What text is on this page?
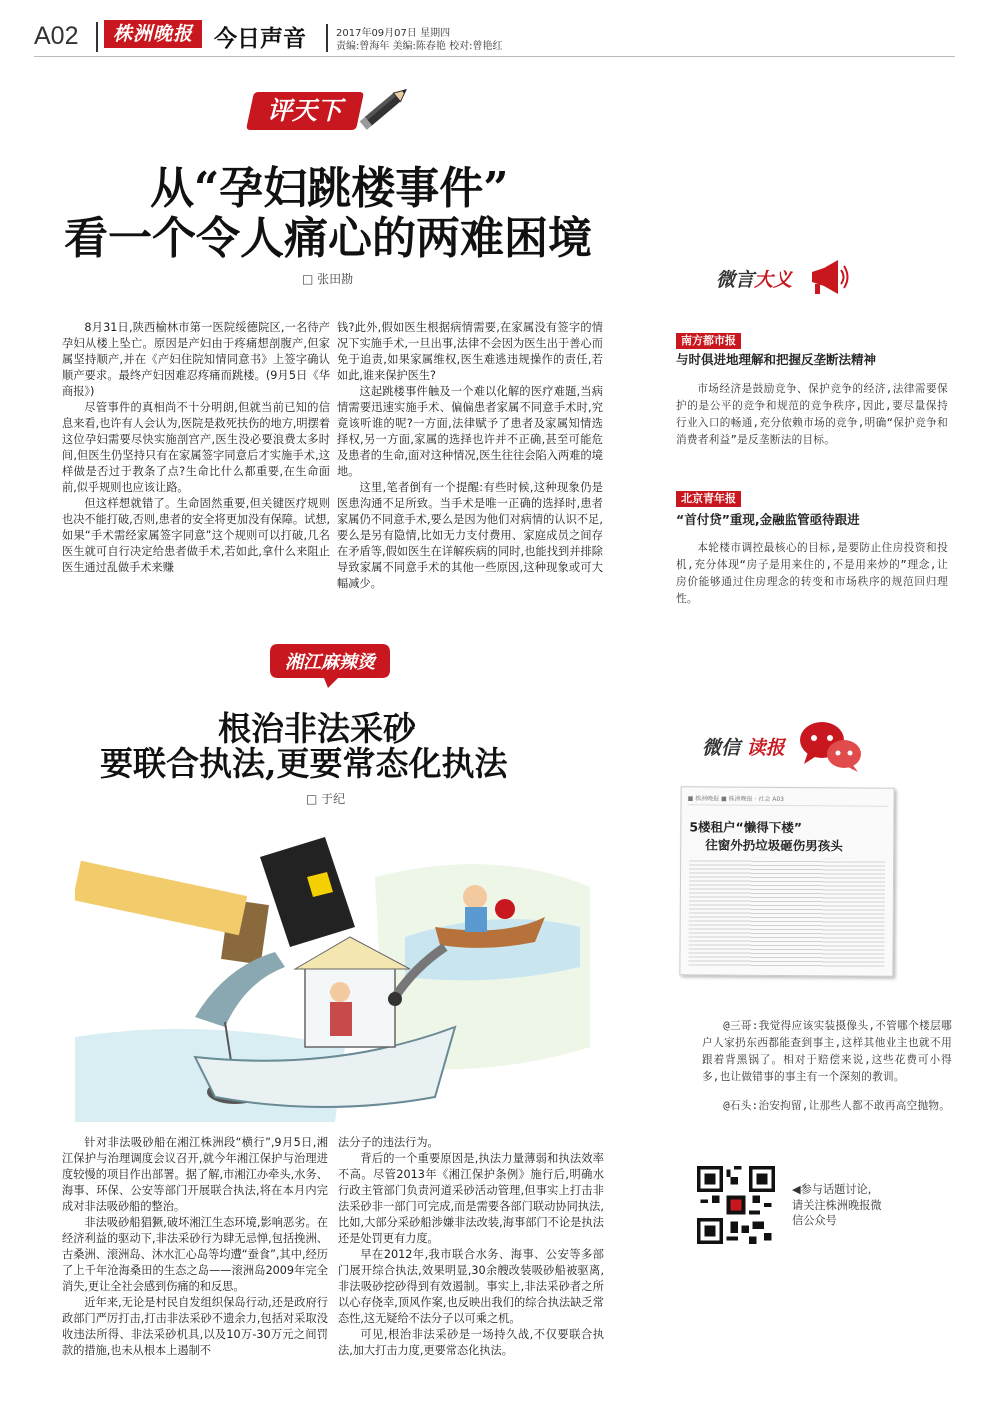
A02	株洲晚报 今日声音	2017年09月07日 星期四
责编:曾海年 美编:陈春艳 校对:曾艳红
评天下
从“孕妇跳楼事件”
看一个令人痛心的两难困境
□ 张田勘

8月31日,陕西榆林市第一医院绥德院区,一名待产孕妇从楼上坠亡。原因是产妇由于疼痛想剖腹产,但家属坚持顺产,并在《产妇住院知情同意书》上签字确认顺产要求。最终产妇因难忍疼痛而跳楼。(9月5日《华商报》)

尽管事件的真相尚不十分明朗,但就当前已知的信息来看,也许有人会认为,医院是救死扶伤的地方,明摆着这位孕妇需要尽快实施剖宫产,医生没必要浪费太多时间,但医生仍坚持只有在家属签字同意后才实施手术,这样做是否过于教条了点?生命比什么都重要,在生命面前,似乎规则也应该让路。

但这样想就错了。生命固然重要,但关键医疗规则也决不能打破,否则,患者的安全将更加没有保障。试想,如果“手术需经家属签字同意”这个规则可以打破,几名医生就可自行决定给患者做手术,若如此,拿什么来阻止医生通过乱做手术来赚

钱?此外,假如医生根据病情需要,在家属没有签字的情况下实施手术,一旦出事,法律不会因为医生出于善心而免于追责,如果家属维权,医生难逃违规操作的责任,若如此,谁来保护医生?

这起跳楼事件触及一个难以化解的医疗难题,当病情需要迅速实施手术、偏偏患者家属不同意手术时,究竟该听谁的呢?一方面,法律赋予了患者及家属知情选择权,另一方面,家属的选择也许并不正确,甚至可能危及患者的生命,面对这种情况,医生往往会陷入两难的境地。

这里,笔者倒有一个提醒:有些时候,这种现象仍是医患沟通不足所致。当手术是唯一正确的选择时,患者家属仍不同意手术,要么是因为他们对病情的认识不足,要么是另有隐情,比如无力支付费用、家庭成员之间存在矛盾等,假如医生在详解疾病的同时,也能找到并排除导致家属不同意手术的其他一些原因,这种现象或可大幅减少。

微言大义
南方都市报
与时俱进地理解和把握反垄断法精神

市场经济是鼓励竞争、保护竞争的经济,法律需要保护的是公平的竞争和规范的竞争秩序,因此,要尽量保持行业入口的畅通,充分依赖市场的竞争,明确“保护竞争和消费者利益”是反垄断法的目标。

北京青年报
“首付贷”重现,金融监管亟待跟进

本轮楼市调控最核心的目标,是要防止住房投资和投机,充分体现“房子是用来住的,不是用来炒的”理念,让房价能够通过住房理念的转变和市场秩序的规范回归理性。

湘江麻辣烫
根治非法采砂
要联合执法,更要常态化执法
□ 于纪

针对非法吸砂船在湘江株洲段“横行”,9月5日,湘江保护与治理调度会议召开,就今年湘江保护与治理进度较慢的项目作出部署。据了解,市湘江办牵头,水务、海事、环保、公安等部门开展联合执法,将在本月内完成对非法吸砂船的整治。

非法吸砂船猖獗,破坏湘江生态环境,影响恶劣。在经济利益的驱动下,非法采砂行为肆无忌惮,包括挽洲、古桑洲、滚洲岛、沐水汇心岛等均遭“蚕食”,其中,经历了上千年沧海桑田的生态之岛——滚洲岛2009年完全消失,更让全社会感到伤痛的和反思。

近年来,无论是村民自发组织保岛行动,还是政府行政部门严厉打击,打击非法采砂不遗余力,包括对采取没收违法所得、非法采砂机具,以及10万-30万元之间罚款的措施,也未从根本上遏制不

法分子的违法行为。

背后的一个重要原因是,执法力量薄弱和执法效率不高。尽管2013年《湘江保护条例》施行后,明确水行政主管部门负责河道采砂活动管理,但事实上打击非法采砂非一部门可完成,而是需要各部门联动协同执法,比如,大部分采砂船涉嫌非法改装,海事部门不论是执法还是处罚更有力度。

早在2012年,我市联合水务、海事、公安等多部门展开综合执法,效果明显,30余艘改装吸砂船被驱离,非法吸砂挖砂得到有效遏制。事实上,非法采砂者之所以心存侥幸,顶风作案,也反映出我们的综合执法缺乏常态性,这无疑给不法分子以可乘之机。

可见,根治非法采砂是一场持久战,不仅要联合执法,加大打击力度,更要常态化执法。

微信 读报
■ 株洲晚报 ■ 株洲晚报 · 社会 A03
5楼租户“懒得下楼”
往窗外扔垃圾砸伤男孩头

@三哥:我觉得应该实装摄像头,不管哪个楼层哪户人家扔东西都能查到事主,这样其他业主也就不用跟着背黑锅了。相对于赔偿来说,这些花费可小得多,也让做错事的事主有一个深刻的教训。

@石头:治安拘留,让那些人都不敢再高空抛物。

◀参与话题讨论,请关注株洲晚报微信公众号
